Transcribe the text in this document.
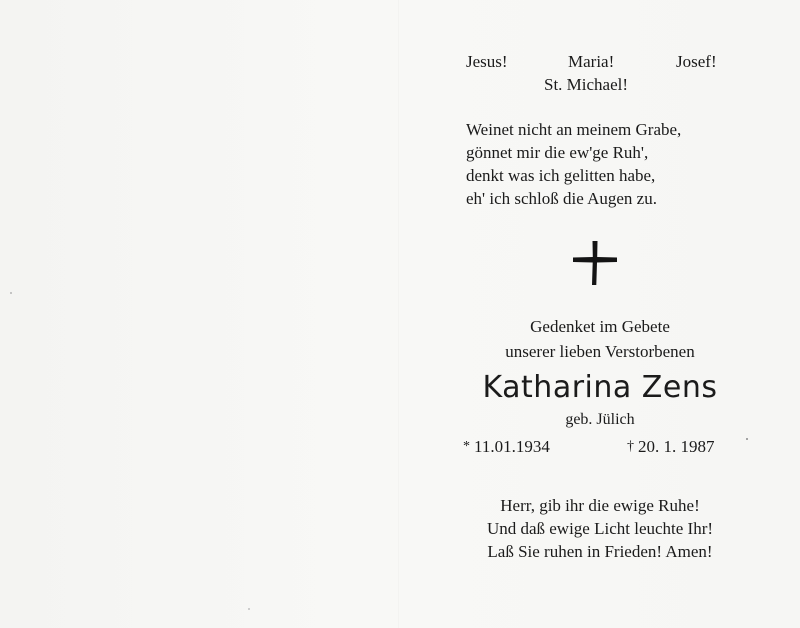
Jesus!	Maria!	Josef!
St. Michael!
Weinet nicht an meinem Grabe,
gönnet mir die ew'ge Ruh',
denkt was ich gelitten habe,
eh' ich schloß die Augen zu.
Gedenket im Gebete
unserer lieben Verstorbenen
Katharina Zens
geb. Jülich
* 11.01.1934	† 20. 1. 1987
Herr, gib ihr die ewige Ruhe!
Und daß ewige Licht leuchte Ihr!
Laß Sie ruhen in Frieden! Amen!
